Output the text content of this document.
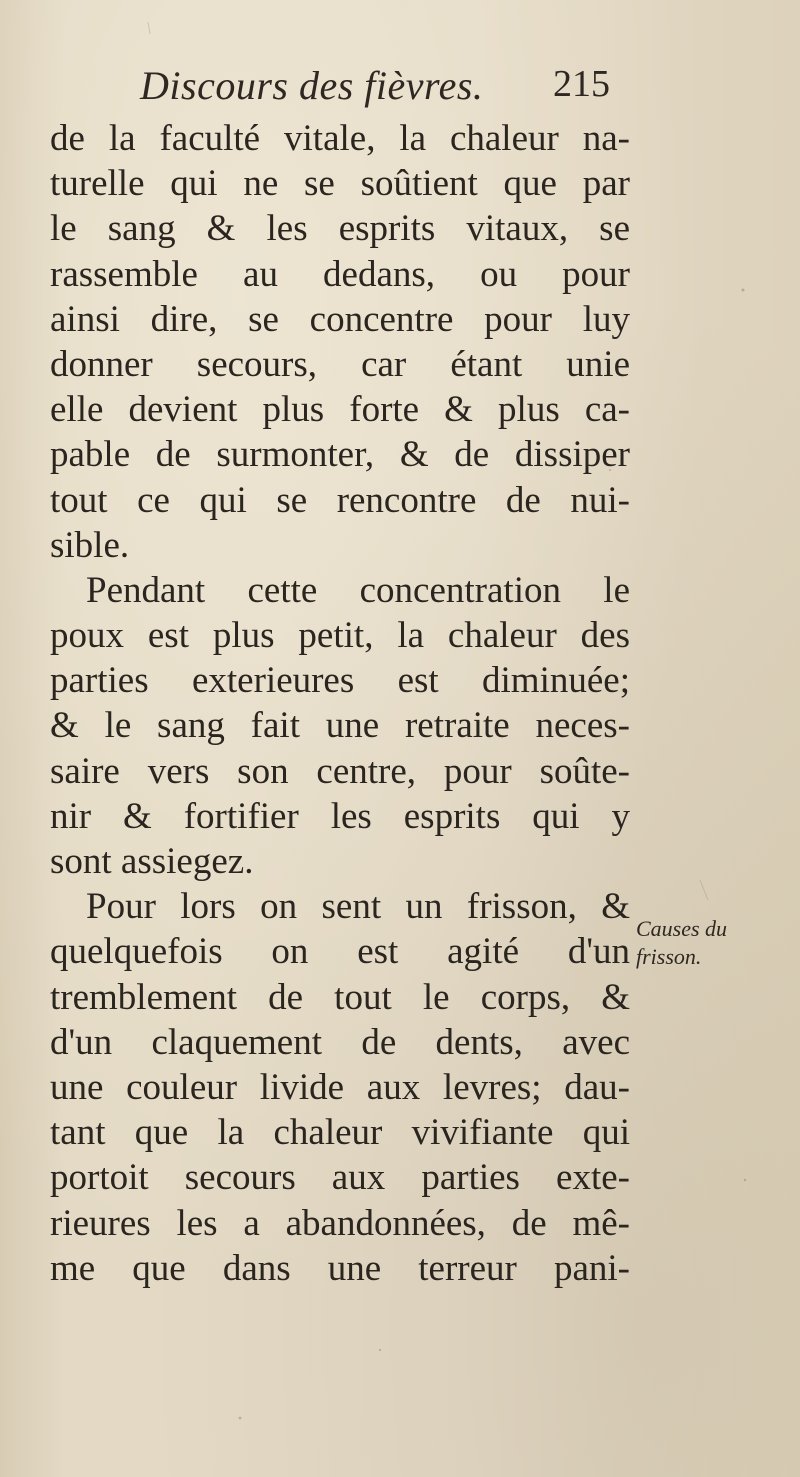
Discours des fièvres. 215
de la faculté vitale, la chaleur na-
turelle qui ne se soûtient que par
le sang & les esprits vitaux, se
rassemble au dedans, ou pour
ainsi dire, se concentre pour luy
donner secours, car étant unie
elle devient plus forte & plus ca-
pable de surmonter, & de dissiper
tout ce qui se rencontre de nui-
sible.
Pendant cette concentration le
poux est plus petit, la chaleur des
parties exterieures est diminuée;
& le sang fait une retraite neces-
saire vers son centre, pour soûte-
nir & fortifier les esprits qui y
sont assiegez.
Pour lors on sent un frisson, &
quelquefois on est agité d'un
tremblement de tout le corps, &
d'un claquement de dents, avec
une couleur livide aux levres; dau-
tant que la chaleur vivifiante qui
portoit secours aux parties exte-
rieures les a abandonnées, de mê-
me que dans une terreur pani-
Causes du
frisson.
